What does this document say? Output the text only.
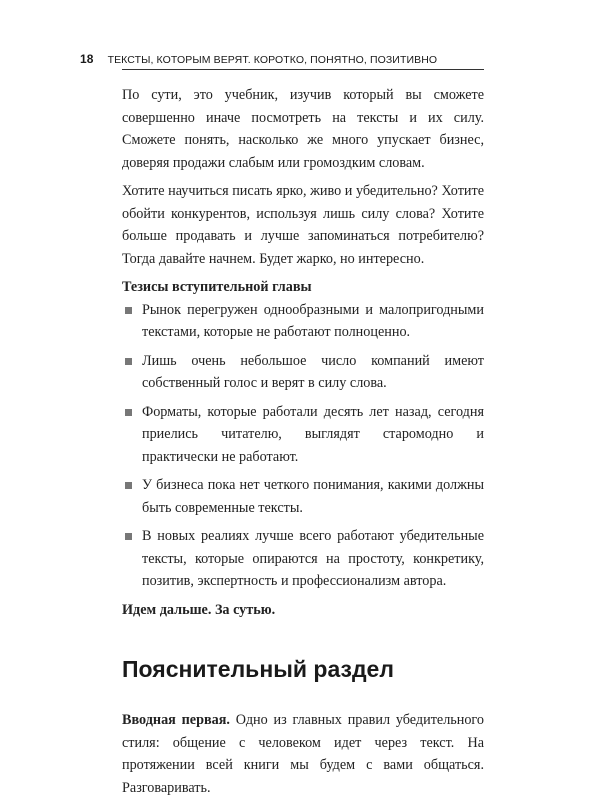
18 ТЕКСТЫ, КОТОРЫМ ВЕРЯТ. КОРОТКО, ПОНЯТНО, ПОЗИТИВНО

По сути, это учебник, изучив который вы сможете совершенно иначе посмотреть на тексты и их силу. Сможете понять, насколько же много упускает бизнес, доверяя продажи слабым или громоздким словам.

Хотите научиться писать ярко, живо и убедительно? Хотите обойти конкурентов, используя лишь силу слова? Хотите больше продавать и лучше запоминаться потребителю? Тогда давайте начнем. Будет жарко, но интересно.

Тезисы вступительной главы

Рынок перегружен однообразными и малопригодными текстами, которые не работают полноценно.
Лишь очень небольшое число компаний имеют собственный голос и верят в силу слова.
Форматы, которые работали десять лет назад, сегодня приелись читателю, выглядят старомодно и практически не работают.
У бизнеса пока нет четкого понимания, какими должны быть современные тексты.
В новых реалиях лучше всего работают убедительные тексты, которые опираются на простоту, конкретику, позитив, экспертность и профессионализм автора.

Идем дальше. За сутью.

Пояснительный раздел

Вводная первая. Одно из главных правил убедительного стиля: общение с человеком идет через текст. На протяжении всей книги мы будем с вами общаться. Разговаривать.
